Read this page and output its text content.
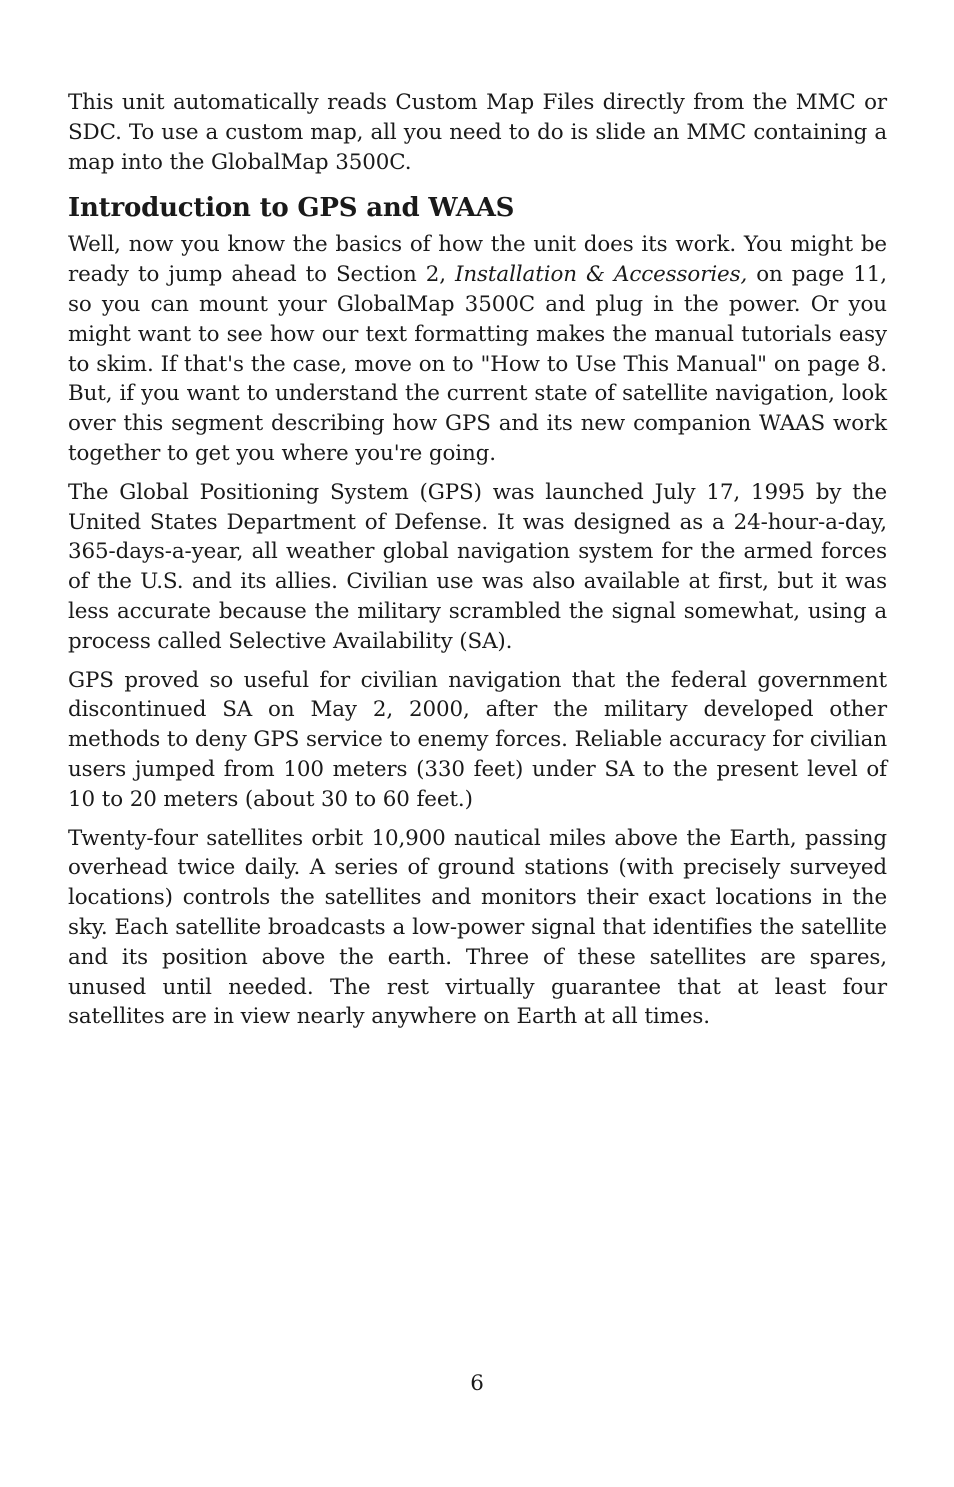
This unit automatically reads Custom Map Files directly from the MMC or SDC. To use a custom map, all you need to do is slide an MMC containing a map into the GlobalMap 3500C.

Introduction to GPS and WAAS

Well, now you know the basics of how the unit does its work. You might be ready to jump ahead to Section 2, Installation & Accessories, on page 11, so you can mount your GlobalMap 3500C and plug in the power. Or you might want to see how our text formatting makes the manual tutorials easy to skim. If that's the case, move on to "How to Use This Manual" on page 8. But, if you want to understand the current state of satellite navigation, look over this segment describing how GPS and its new companion WAAS work together to get you where you're going.

The Global Positioning System (GPS) was launched July 17, 1995 by the United States Department of Defense. It was designed as a 24-hour-a-day, 365-days-a-year, all weather global navigation system for the armed forces of the U.S. and its allies. Civilian use was also available at first, but it was less accurate because the military scrambled the signal somewhat, using a process called Selective Availability (SA).

GPS proved so useful for civilian navigation that the federal government discontinued SA on May 2, 2000, after the military developed other methods to deny GPS service to enemy forces. Reliable accuracy for civilian users jumped from 100 meters (330 feet) under SA to the present level of 10 to 20 meters (about 30 to 60 feet.)

Twenty-four satellites orbit 10,900 nautical miles above the Earth, passing overhead twice daily. A series of ground stations (with precisely surveyed locations) controls the satellites and monitors their exact locations in the sky. Each satellite broadcasts a low-power signal that identifies the satellite and its position above the earth. Three of these satellites are spares, unused until needed. The rest virtually guarantee that at least four satellites are in view nearly anywhere on Earth at all times.

6
